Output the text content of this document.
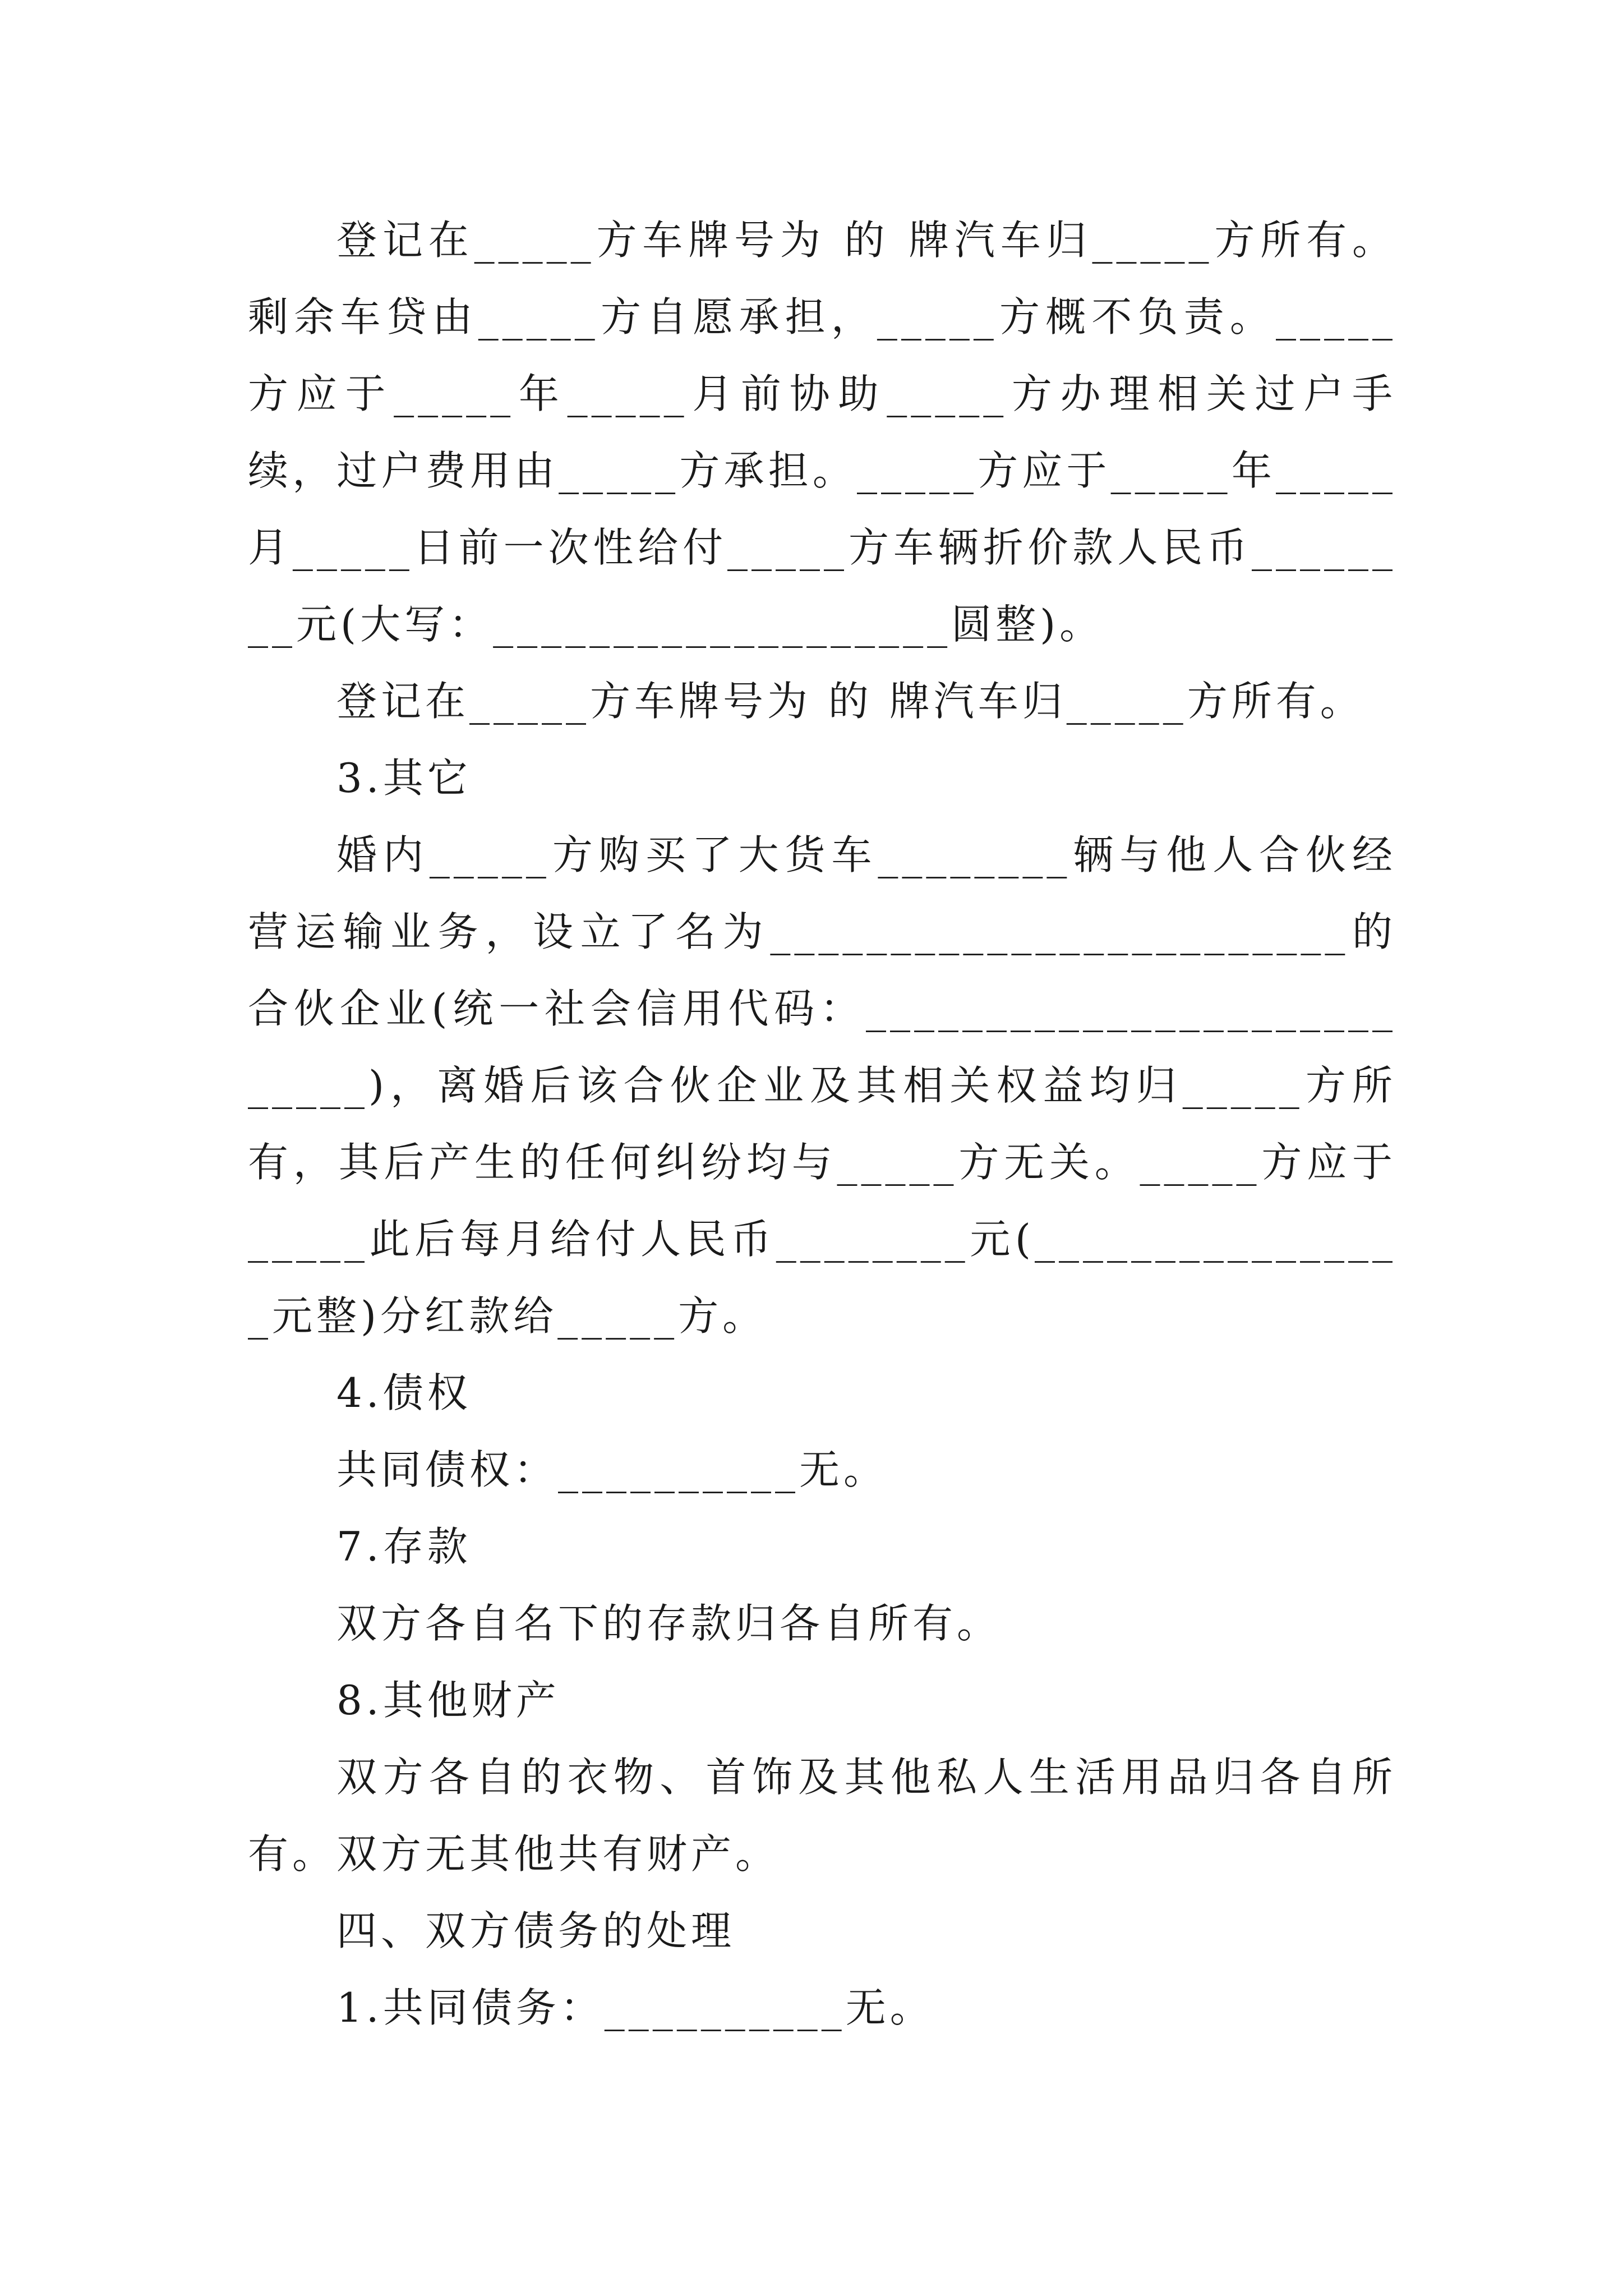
登记在_____方车牌号为 的 牌汽车归_____方所有。剩余车贷由_____方自愿承担，_____方概不负责。_____方应于_____年_____月前协助_____方办理相关过户手续，过户费用由_____方承担。_____方应于_____年_____月_____日前一次性给付_____方车辆折价款人民币________元(大写：___________________圆整)。

登记在_____方车牌号为 的 牌汽车归_____方所有。

3.其它

婚内_____方购买了大货车________辆与他人合伙经营运输业务，设立了名为________________________的合伙企业(统一社会信用代码：___________________________)，离婚后该合伙企业及其相关权益均归_____方所有，其后产生的任何纠纷均与_____方无关。_____方应于_____此后每月给付人民币________元(________________元整)分红款给_____方。

4.债权

共同债权：__________无。

7.存款

双方各自名下的存款归各自所有。

8.其他财产

双方各自的衣物、首饰及其他私人生活用品归各自所有。双方无其他共有财产。

四、双方债务的处理

1.共同债务：__________无。
